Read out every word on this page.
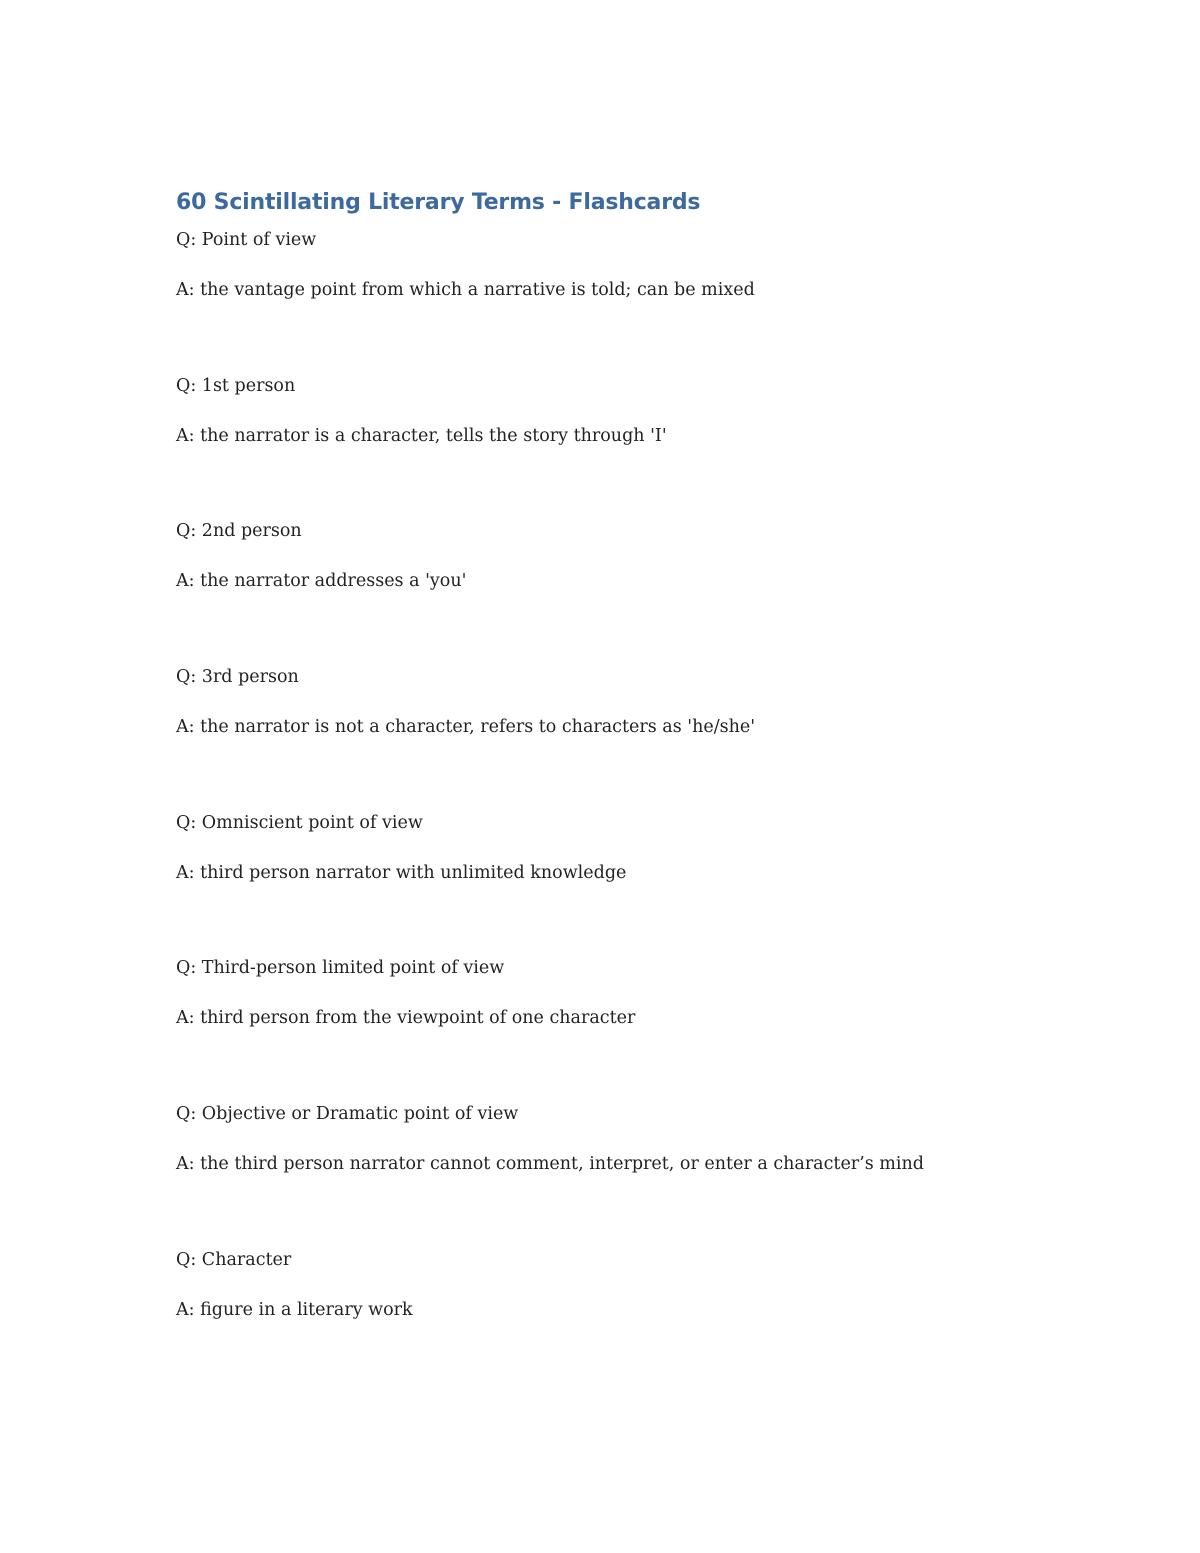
60 Scintillating Literary Terms - Flashcards

Q: Point of view

A: the vantage point from which a narrative is told; can be mixed

Q: 1st person

A: the narrator is a character, tells the story through 'I'

Q: 2nd person

A: the narrator addresses a 'you'

Q: 3rd person

A: the narrator is not a character, refers to characters as 'he/she'

Q: Omniscient point of view

A: third person narrator with unlimited knowledge

Q: Third-person limited point of view

A: third person from the viewpoint of one character

Q: Objective or Dramatic point of view

A: the third person narrator cannot comment, interpret, or enter a character’s mind

Q: Character

A: figure in a literary work
